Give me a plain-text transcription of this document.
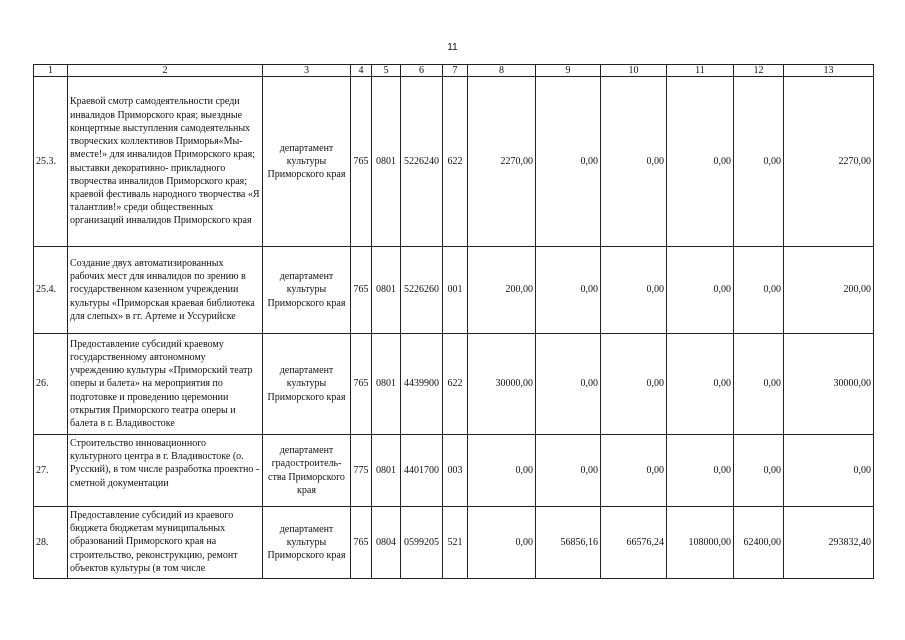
11
1	2	3	4	5	6	7	8	9	10	11	12	13
25.3.	Краевой смотр самодеятельности среди инвалидов Приморского края; выездные концертные выступления самодеятельных творческих коллективов Приморья«Мы- вместе!» для инвалидов Приморского края; выставки декоративно- прикладного творчества инвалидов Приморского края; краевой фестиваль народного творчества «Я талантлив!» среди общественных организаций инвалидов Приморского края	департамент культуры Приморского края	765	0801	5226240	622	2270,00	0,00	0,00	0,00	0,00	2270,00
25.4.	Создание двух автоматизированных рабочих мест для инвалидов по зрению в государственном казенном учреждении культуры «Приморская краевая библиотека для слепых» в гг. Артеме и Уссурийске	департамент культуры Приморского края	765	0801	5226260	001	200,00	0,00	0,00	0,00	0,00	200,00
26.	Предоставление субсидий краевому государственному автономному учреждению культуры «Приморский театр оперы и балета» на мероприятия по подготовке и проведению церемонии открытия Приморского театра оперы и балета в г. Владивостоке	департамент культуры Приморского края	765	0801	4439900	622	30000,00	0,00	0,00	0,00	0,00	30000,00
27.	Строительство инновационного культурного центра в г. Владивостоке (о. Русский), в том числе разработка проектно - сметной документации	департамент градостроитель-ства Приморского края	775	0801	4401700	003	0,00	0,00	0,00	0,00	0,00	0,00
28.	Предоставление субсидий из краевого бюджета бюджетам муниципальных образований Приморского края на строительство, реконструкцию, ремонт объектов культуры (в том числе	департамент культуры Приморского края	765	0804	0599205	521	0,00	56856,16	66576,24	108000,00	62400,00	293832,40
